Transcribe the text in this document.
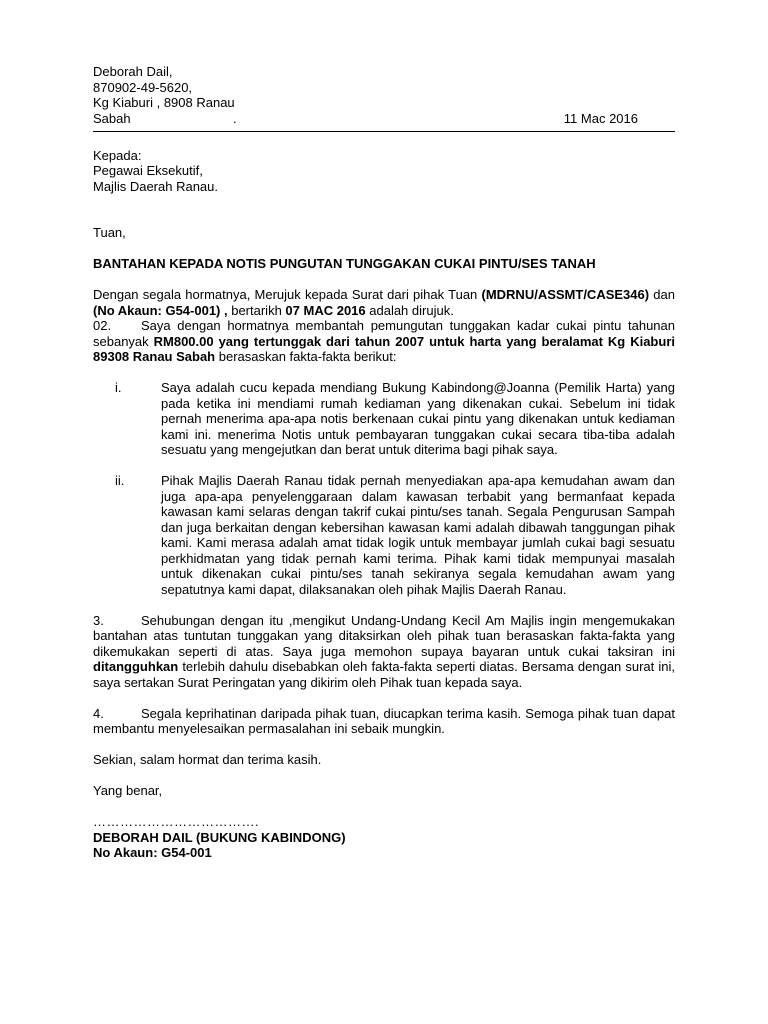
Deborah Dail,

870902-49-5620,

Kg Kiaburi , 8908 Ranau

Sabah	.	11 Mac 2016

Kepada:

Pegawai Eksekutif,

Majlis Daerah Ranau.

Tuan,

BANTAHAN KEPADA NOTIS PUNGUTAN TUNGGAKAN CUKAI PINTU/SES TANAH

Dengan segala hormatnya, Merujuk kepada Surat dari pihak Tuan (MDRNU/ASSMT/CASE346) dan (No Akaun: G54-001) , bertarikh 07 MAC 2016 adalah dirujuk.

02. Saya dengan hormatnya membantah pemungutan tunggakan kadar cukai pintu tahunan sebanyak RM800.00 yang tertunggak dari tahun 2007 untuk harta yang beralamat Kg Kiaburi 89308 Ranau Sabah berasaskan fakta-fakta berikut:

i.	Saya adalah cucu kepada mendiang Bukung Kabindong@Joanna (Pemilik Harta) yang pada ketika ini mendiami rumah kediaman yang dikenakan cukai. Sebelum ini tidak pernah menerima apa-apa notis berkenaan cukai pintu yang dikenakan untuk kediaman kami ini. menerima Notis untuk pembayaran tunggakan cukai secara tiba-tiba adalah sesuatu yang mengejutkan dan berat untuk diterima bagi pihak saya.

ii.	Pihak Majlis Daerah Ranau tidak pernah menyediakan apa-apa kemudahan awam dan juga apa-apa penyelenggaraan dalam kawasan terbabit yang bermanfaat kepada kawasan kami selaras dengan takrif cukai pintu/ses tanah. Segala Pengurusan Sampah dan juga berkaitan dengan kebersihan kawasan kami adalah dibawah tanggungan pihak kami. Kami merasa adalah amat tidak logik untuk membayar jumlah cukai bagi sesuatu perkhidmatan yang tidak pernah kami terima. Pihak kami tidak mempunyai masalah untuk dikenakan cukai pintu/ses tanah sekiranya segala kemudahan awam yang sepatutnya kami dapat, dilaksanakan oleh pihak Majlis Daerah Ranau.

3.	Sehubungan dengan itu ,mengikut Undang-Undang Kecil Am Majlis ingin mengemukakan bantahan atas tuntutan tunggakan yang ditaksirkan oleh pihak tuan berasaskan fakta-fakta yang dikemukakan seperti di atas. Saya juga memohon supaya bayaran untuk cukai taksiran ini ditangguhkan terlebih dahulu disebabkan oleh fakta-fakta seperti diatas. Bersama dengan surat ini, saya sertakan Surat Peringatan yang dikirim oleh Pihak tuan kepada saya.

4.	Segala keprihatinan daripada pihak tuan, diucapkan terima kasih. Semoga pihak tuan dapat membantu menyelesaikan permasalahan ini sebaik mungkin.

Sekian, salam hormat dan terima kasih.

Yang benar,

……………………………….

DEBORAH DAIL (BUKUNG KABINDONG)

No Akaun: G54-001
